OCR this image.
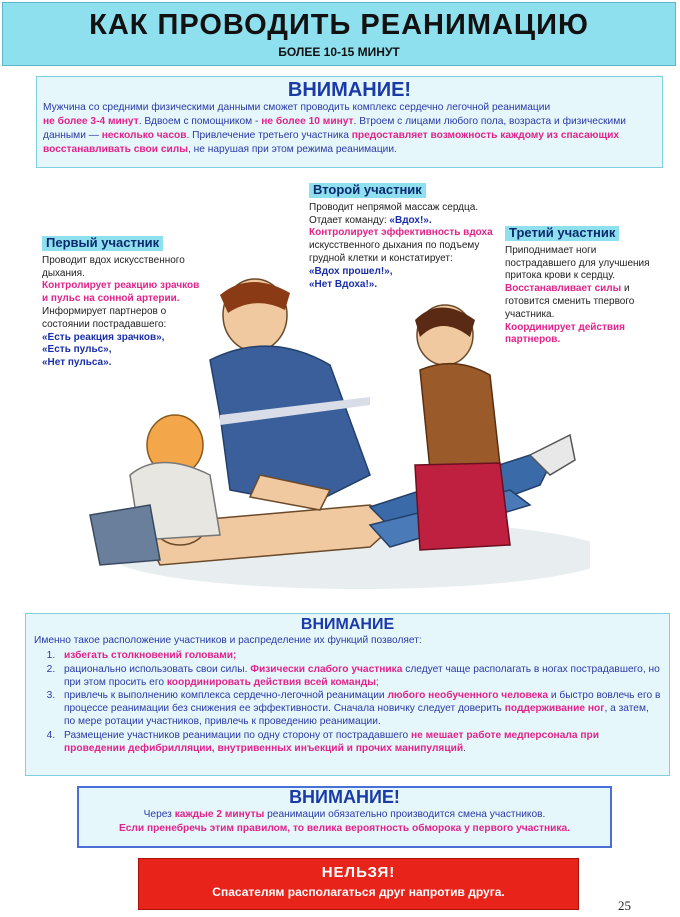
КАК ПРОВОДИТЬ РЕАНИМАЦИЮ
БОЛЕЕ 10-15 МИНУТ
ВНИМАНИЕ!

Мужчина со средними физическими данными сможет проводить комплекс сердечно легочной реанимации
не более 3-4 минут. Вдвоем с помощником - не более 10 минут. Втроем с лицами любого пола, возраста и физическими данными — несколько часов. Привлечение третьего участника предоставляет возможность каждому из спасающих восстанавливать свои силы, не нарушая при этом режима реанимации.

Первый участник
Проводит вдох искусственного дыхания.
Контролирует реакцию зрачков и пульс на сонной артерии.
Информирует партнеров о состоянии пострадавшего:
«Есть реакция зрачков»,
«Есть пульс»,
«Нет пульса».
Второй участник
Проводит непрямой массаж сердца.
Отдает команду: «Вдох!».
Контролирует эффективность вдоха искусственного дыхания по подъему грудной клетки и констатирует:
«Вдох прошел!»,
«Нет Вдоха!».
Третий участник
Приподнимает ноги пострадавшего для улучшения притока крови к сердцу.
Восстанавливает силы и готовится сменить тпервого участника.
Координирует действия партнеров.
ВНИМАНИЕ

Именно такое расположение участников и распределение их функций позволяет:

1. избегать столкновений головами;
2. рационально использовать свои силы. Физически слабого участника следует чаще располагать в ногах пострадавшего, но при этом просить его координировать действия всей команды;
3. привлечь к выполнению комплекса сердечно-легочной реанимации любого необученного человека и быстро вовлечь его в процессе реанимации без снижения ее эффективности. Сначала новичку следует доверить поддерживание ног, а затем, по мере ротации участников, привлечь к проведению реанимации.
4. Размещение участников реанимации по одну сторону от пострадавшего не мешает работе медперсонала при проведении дефибрилляции, внутривенных инъекций и прочих манипуляций.
ВНИМАНИЕ!
Через каждые 2 минуты реанимации обязательно производится смена участников.
Если пренебречь этим правилом, то велика вероятность обморока у первого участника.
НЕЛЬЗЯ!
Спасателям располагаться друг напротив друга.
25
